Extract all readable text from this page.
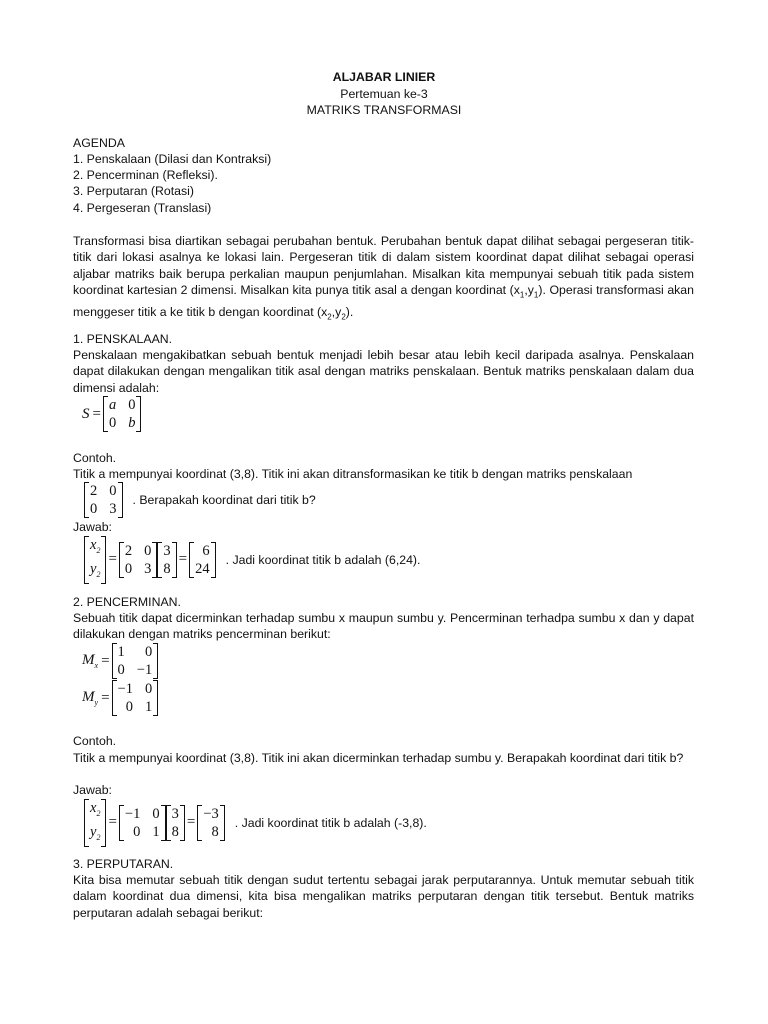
ALJABAR LINIER
Pertemuan ke-3
MATRIKS TRANSFORMASI
AGENDA
1. Penskalaan (Dilasi dan Kontraksi)
2. Pencerminan (Refleksi).
3. Perputaran (Rotasi)
4. Pergeseran (Translasi)
Transformasi bisa diartikan sebagai perubahan bentuk. Perubahan bentuk dapat dilihat sebagai pergeseran titik-titik dari lokasi asalnya ke lokasi lain. Pergeseran titik di dalam sistem koordinat dapat dilihat sebagai operasi aljabar matriks baik berupa perkalian maupun penjumlahan. Misalkan kita mempunyai sebuah titik pada sistem koordinat kartesian 2 dimensi. Misalkan kita punya titik asal a dengan koordinat $(x_1,y_1)$. Operasi transformasi akan menggeser titik a ke titik b dengan koordinat $(x_2,y_2)$.
1. PENSKALAAN.
Penskalaan mengakibatkan sebuah bentuk menjadi lebih besar atau lebih kecil daripada asalnya. Penskalaan dapat dilakukan dengan mengalikan titik asal dengan matriks penskalaan. Bentuk matriks penskalaan dalam dua dimensi adalah:
S =
a 0
0 b
Contoh.
Titik a mempunyai koordinat (3,8). Titik ini akan ditransformasikan ke titik b dengan matriks penskalaan
2 0
0 3
. Berapakah koordinat dari titik b?
Jawab:
$x_2$
$y_2$
=
2 0
0 3
3
8
=
6
24
. Jadi koordinat titik b adalah (6,24).
2. PENCERMINAN.
Sebuah titik dapat dicerminkan terhadap sumbu x maupun sumbu y. Pencerminan terhadpa sumbu x dan y dapat dilakukan dengan matriks pencerminan berikut:
$M_x$ =
1	0
0 −1
$M_y$ =
−1 0
0 1
Contoh.
Titik a mempunyai koordinat (3,8). Titik ini akan dicerminkan terhadap sumbu y. Berapakah koordinat dari titik b?
Jawab:
$x_2$
$y_2$
=
−1 0
0 1
3
8
=
−3
8
. Jadi koordinat titik b adalah (-3,8).
3. PERPUTARAN.
Kita bisa memutar sebuah titik dengan sudut tertentu sebagai jarak perputarannya. Untuk memutar sebuah titik dalam koordinat dua dimensi, kita bisa mengalikan matriks perputaran dengan titik tersebut. Bentuk matriks perputaran adalah sebagai berikut:
